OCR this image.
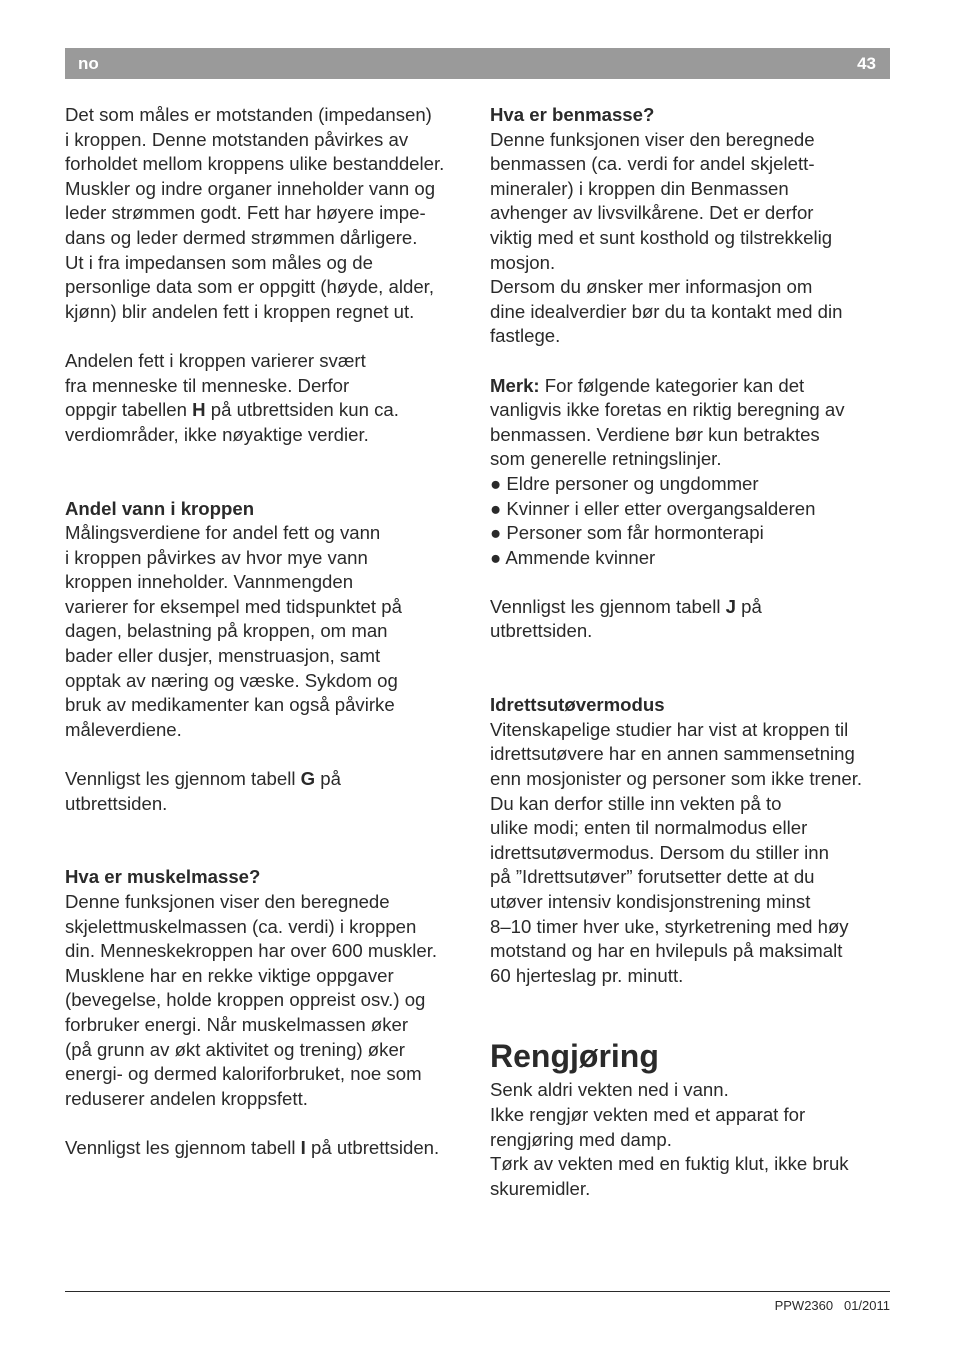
no	43

Det som måles er motstanden (impedansen)
i kroppen. Denne motstanden påvirkes av
forholdet mellom kroppens ulike bestanddeler.
Muskler og indre organer inneholder vann og
leder strømmen godt. Fett har høyere impe-
dans og leder dermed strømmen dårligere.
Ut i fra impedansen som måles og de
personlige data som er oppgitt (høyde, alder,
kjønn) blir andelen fett i kroppen regnet ut.

Andelen fett i kroppen varierer svært
fra menneske til menneske. Derfor
oppgir tabellen H på utbrettsiden kun ca.
verdiområder, ikke nøyaktige verdier.

Andel vann i kroppen
Målingsverdiene for andel fett og vann
i kroppen påvirkes av hvor mye vann
kroppen inneholder. Vannmengden
varierer for eksempel med tidspunktet på
dagen, belastning på kroppen, om man
bader eller dusjer, menstruasjon, samt
opptak av næring og væske. Sykdom og
bruk av medikamenter kan også påvirke
måleverdiene.

Vennligst les gjennom tabell G på
utbrettsiden.

Hva er muskelmasse?
Denne funksjonen viser den beregnede
skjelettmuskelmassen (ca. verdi) i kroppen
din. Menneskekroppen har over 600 muskler.
Musklene har en rekke viktige oppgaver
(bevegelse, holde kroppen oppreist osv.) og
forbruker energi. Når muskelmassen øker
(på grunn av økt aktivitet og trening) øker
energi- og dermed kaloriforbruket, noe som
reduserer andelen kroppsfett.

Vennligst les gjennom tabell I på utbrettsiden.

Hva er benmasse?
Denne funksjonen viser den beregnede
benmassen (ca. verdi for andel skjelett-
mineraler) i kroppen din Benmassen
avhenger av livsvilkårene. Det er derfor
viktig med et sunt kosthold og tilstrekkelig
mosjon.
Dersom du ønsker mer informasjon om
dine idealverdier bør du ta kontakt med din
fastlege.

Merk: For følgende kategorier kan det
vanligvis ikke foretas en riktig beregning av
benmassen. Verdiene bør kun betraktes
som generelle retningslinjer.
● Eldre personer og ungdommer
● Kvinner i eller etter overgangsalderen
● Personer som får hormonterapi
● Ammende kvinner

Vennligst les gjennom tabell J på
utbrettsiden.

Idrettsutøvermodus
Vitenskapelige studier har vist at kroppen til
idrettsutøvere har en annen sammensetning
enn mosjonister og personer som ikke trener.
Du kan derfor stille inn vekten på to
ulike modi; enten til normalmodus eller
idrettsutøvermodus. Dersom du stiller inn
på ”Idrettsutøver” forutsetter dette at du
utøver intensiv kondisjonstrening minst
8–10 timer hver uke, styrketrening med høy
motstand og har en hvilepuls på maksimalt
60 hjerteslag pr. minutt.

Rengjøring

Senk aldri vekten ned i vann.
Ikke rengjør vekten med et apparat for
rengjøring med damp.
Tørk av vekten med en fuktig klut, ikke bruk
skuremidler.

PPW2360   01/2011
